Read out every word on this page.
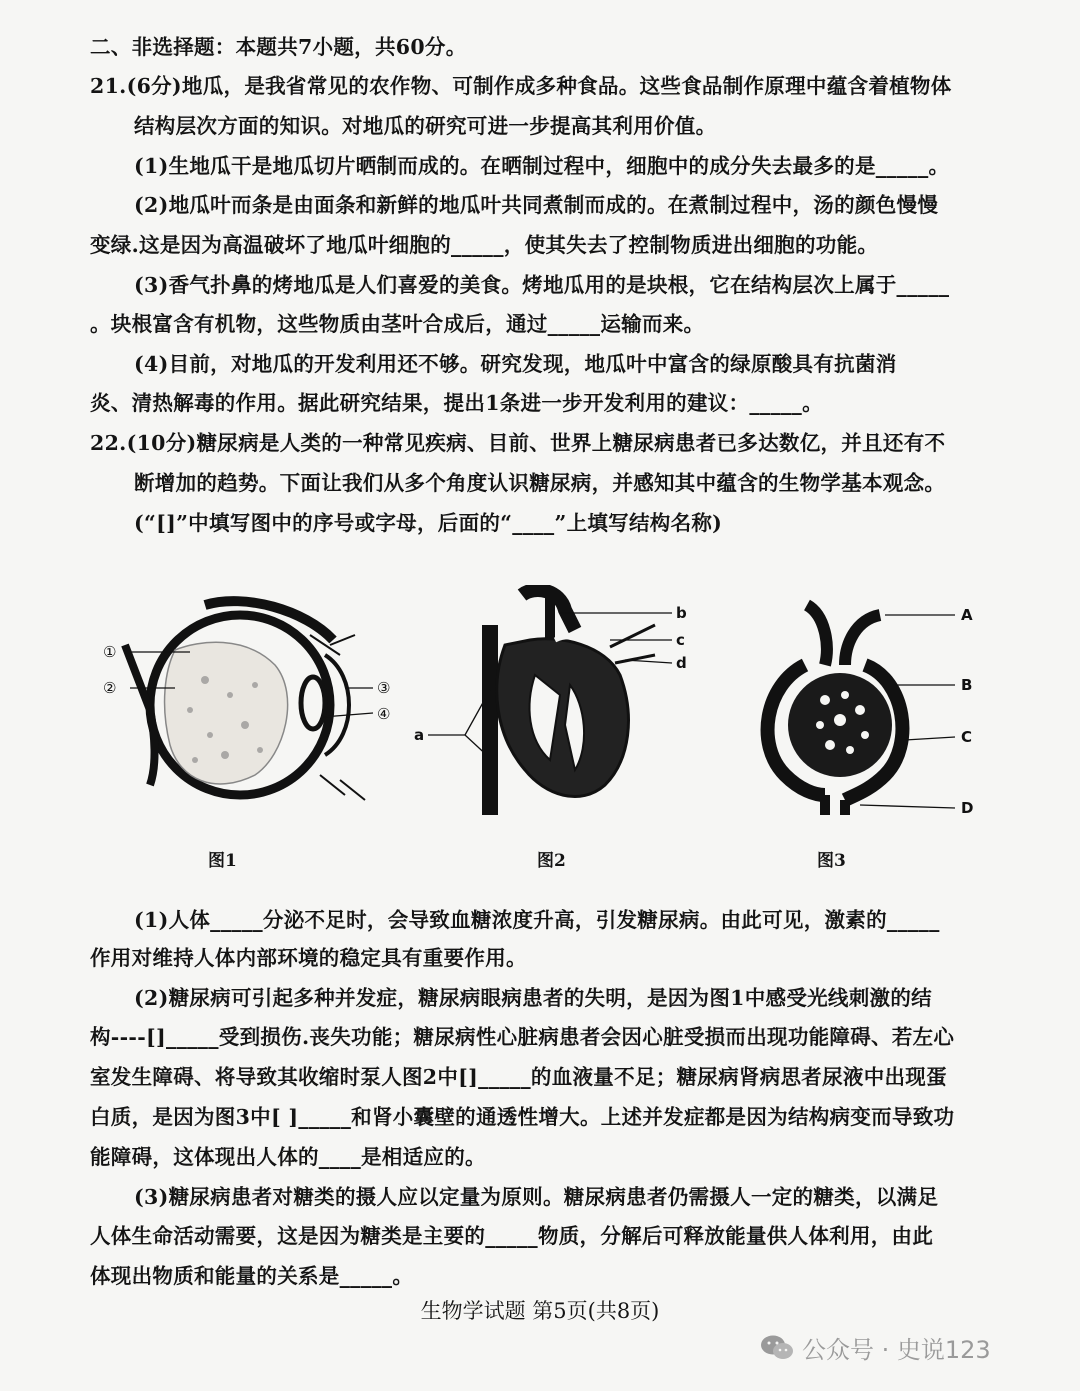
二、非选择题：本题共7小题，共60分。
21.(6分)地瓜，是我省常见的农作物、可制作成多种食品。这些食品制作原理中蕴含着植物体
结构层次方面的知识。对地瓜的研究可进一步提高其利用价值。
(1)生地瓜干是地瓜切片晒制而成的。在晒制过程中，细胞中的成分失去最多的是_____。
(2)地瓜叶而条是由面条和新鲜的地瓜叶共同煮制而成的。在煮制过程中，汤的颜色慢慢
变绿.这是因为高温破坏了地瓜叶细胞的_____，使其失去了控制物质进出细胞的功能。
(3)香气扑鼻的烤地瓜是人们喜爱的美食。烤地瓜用的是块根，它在结构层次上属于_____
。块根富含有机物，这些物质由茎叶合成后，通过_____运输而来。
(4)目前，对地瓜的开发利用还不够。研究发现，地瓜叶中富含的绿原酸具有抗菌消
炎、清热解毒的作用。据此研究结果，提出1条进一步开发利用的建议：_____。
22.(10分)糖尿病是人类的一种常见疾病、目前、世界上糖尿病患者已多达数亿，并且还有不
断增加的趋势。下面让我们从多个角度认识糖尿病，并感知其中蕴含的生物学基本观念。
(“[]”中填写图中的序号或字母，后面的“____”上填写结构名称)
①
②	③
④
b
c
d
a
A
B
C
D
图1	图2	图3
(1)人体_____分泌不足时，会导致血糖浓度升高，引发糖尿病。由此可见，激素的_____
作用对维持人体内部环境的稳定具有重要作用。
(2)糖尿病可引起多种并发症，糖尿病眼病患者的失明，是因为图1中感受光线刺激的结
构----[]_____受到损伤.丧失功能；糖尿病性心脏病患者会因心脏受损而出现功能障碍、若左心
室发生障碍、将导致其收缩时泵人图2中[]_____的血液量不足；糖尿病肾病思者尿液中出现蛋
白质，是因为图3中[ ]_____和肾小囊壁的通透性增大。上述并发症都是因为结构病变而导致功
能障碍，这体现出人体的____是相适应的。
(3)糖尿病患者对糖类的摄人应以定量为原则。糖尿病患者仍需摄人一定的糖类，以满足
人体生命活动需要，这是因为糖类是主要的_____物质，分解后可释放能量供人体利用，由此
体现出物质和能量的关系是_____。
生物学试题 第5页(共8页)
公众号 · 史说123
